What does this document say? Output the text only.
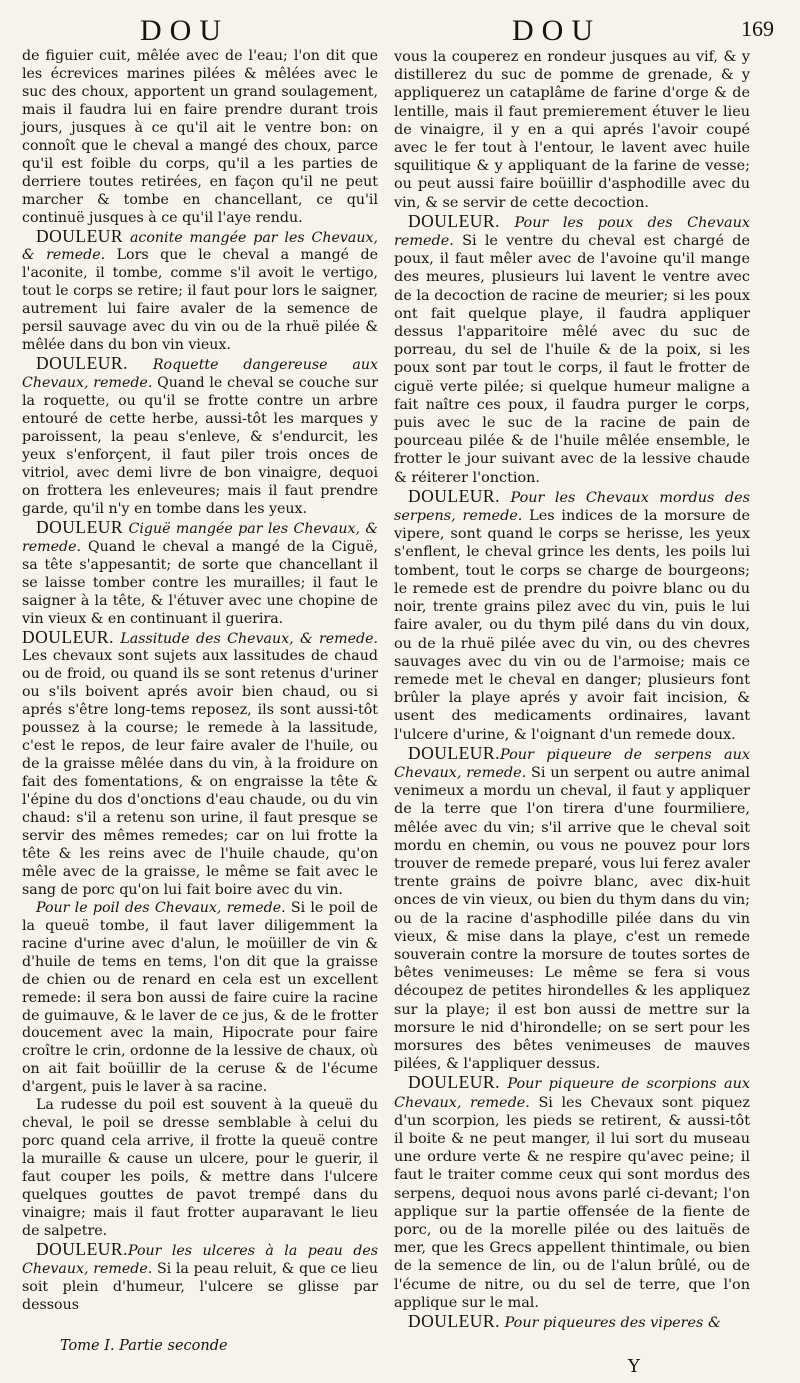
DOU	DOU	169

de figuier cuit, mêlée avec de l'eau; l'on dit que les écrevices marines pilées & mêlées avec le suc des choux, apportent un grand soulagement, mais il faudra lui en faire prendre durant trois jours, jusques à ce qu'il ait le ventre bon: on connoît que le cheval a mangé des choux, parce qu'il est foible du corps, qu'il a les parties de derriere toutes retirées, en façon qu'il ne peut marcher & tombe en chancellant, ce qu'il continuë jusques à ce qu'il l'aye rendu.

DOULEUR aconite mangée par les Chevaux, & remede. Lors que le cheval a mangé de l'aconite, il tombe, comme s'il avoit le vertigo, tout le corps se retire; il faut pour lors le saigner, autrement lui faire avaler de la semence de persil sauvage avec du vin ou de la rhuë pilée & mêlée dans du bon vin vieux.

DOULEUR. Roquette dangereuse aux Chevaux, remede. Quand le cheval se couche sur la roquette, ou qu'il se frotte contre un arbre entouré de cette herbe, aussi-tôt les marques y paroissent, la peau s'enleve, & s'endurcit, les yeux s'enforçent, il faut piler trois onces de vitriol, avec demi livre de bon vinaigre, dequoi on frottera les enleveures; mais il faut prendre garde, qu'il n'y en tombe dans les yeux.

DOULEUR Ciguë mangée par les Chevaux, & remede. Quand le cheval a mangé de la Ciguë, sa tête s'appesantit; de sorte que chancellant il se laisse tomber contre les murailles; il faut le saigner à la tête, & l'étuver avec une chopine de vin vieux & en continuant il guerira.

DOULEUR. Lassitude des Chevaux, & remede. Les chevaux sont sujets aux lassitudes de chaud ou de froid, ou quand ils se sont retenus d'uriner ou s'ils boivent aprés avoir bien chaud, ou si aprés s'être long-tems reposez, ils sont aussi-tôt poussez à la course; le remede à la lassitude, c'est le repos, de leur faire avaler de l'huile, ou de la graisse mêlée dans du vin, à la froidure on fait des fomentations, & on engraisse la tête & l'épine du dos d'onctions d'eau chaude, ou du vin chaud: s'il a retenu son urine, il faut presque se servir des mêmes remedes; car on lui frotte la tête & les reins avec de l'huile chaude, qu'on mêle avec de la graisse, le même se fait avec le sang de porc qu'on lui fait boire avec du vin.

Pour le poil des Chevaux, remede. Si le poil de la queuë tombe, il faut laver diligemment la racine d'urine avec d'alun, le moüiller de vin & d'huile de tems en tems, l'on dit que la graisse de chien ou de renard en cela est un excellent remede: il sera bon aussi de faire cuire la racine de guimauve, & le laver de ce jus, & de le frotter doucement avec la main, Hipocrate pour faire croître le crin, ordonne de la lessive de chaux, où on ait fait boüillir de la ceruse & de l'écume d'argent, puis le laver à sa racine.

La rudesse du poil est souvent à la queuë du cheval, le poil se dresse semblable à celui du porc quand cela arrive, il frotte la queuë contre la muraille & cause un ulcere, pour le guerir, il faut couper les poils, & mettre dans l'ulcere quelques gouttes de pavot trempé dans du vinaigre; mais il faut frotter auparavant le lieu de salpetre.

DOULEUR.Pour les ulceres à la peau des Chevaux, remede. Si la peau reluit, & que ce lieu soit plein d'humeur, l'ulcere se glisse par dessous

vous la couperez en rondeur jusques au vif, & y distillerez du suc de pomme de grenade, & y appliquerez un cataplâme de farine d'orge & de lentille, mais il faut premierement étuver le lieu de vinaigre, il y en a qui aprés l'avoir coupé avec le fer tout à l'entour, le lavent avec huile squilitique & y appliquant de la farine de vesse; ou peut aussi faire boüillir d'asphodille avec du vin, & se servir de cette decoction.

DOULEUR. Pour les poux des Chevaux remede. Si le ventre du cheval est chargé de poux, il faut mêler avec de l'avoine qu'il mange des meures, plusieurs lui lavent le ventre avec de la decoction de racine de meurier; si les poux ont fait quelque playe, il faudra appliquer dessus l'apparitoire mêlé avec du suc de porreau, du sel de l'huile & de la poix, si les poux sont par tout le corps, il faut le frotter de ciguë verte pilée; si quelque humeur maligne a fait naître ces poux, il faudra purger le corps, puis avec le suc de la racine de pain de pourceau pilée & de l'huile mêlée ensemble, le frotter le jour suivant avec de la lessive chaude & réiterer l'onction.

DOULEUR. Pour les Chevaux mordus des serpens, remede. Les indices de la morsure de vipere, sont quand le corps se herisse, les yeux s'enflent, le cheval grince les dents, les poils lui tombent, tout le corps se charge de bourgeons; le remede est de prendre du poivre blanc ou du noir, trente grains pilez avec du vin, puis le lui faire avaler, ou du thym pilé dans du vin doux, ou de la rhuë pilée avec du vin, ou des chevres sauvages avec du vin ou de l'armoise; mais ce remede met le cheval en danger; plusieurs font brûler la playe aprés y avoir fait incision, & usent des medicaments ordinaires, lavant l'ulcere d'urine, & l'oignant d'un remede doux.

DOULEUR.Pour piqueure de serpens aux Chevaux, remede. Si un serpent ou autre animal venimeux a mordu un cheval, il faut y appliquer de la terre que l'on tirera d'une fourmiliere, mêlée avec du vin; s'il arrive que le cheval soit mordu en chemin, ou vous ne pouvez pour lors trouver de remede preparé, vous lui ferez avaler trente grains de poivre blanc, avec dix-huit onces de vin vieux, ou bien du thym dans du vin; ou de la racine d'asphodille pilée dans du vin vieux, & mise dans la playe, c'est un remede souverain contre la morsure de toutes sortes de bêtes venimeuses: Le même se fera si vous découpez de petites hirondelles & les appliquez sur la playe; il est bon aussi de mettre sur la morsure le nid d'hirondelle; on se sert pour les morsures des bêtes venimeuses de mauves pilées, & l'appliquer dessus.

DOULEUR. Pour piqueure de scorpions aux Chevaux, remede. Si les Chevaux sont piquez d'un scorpion, les pieds se retirent, & aussi-tôt il boite & ne peut manger, il lui sort du museau une ordure verte & ne respire qu'avec peine; il faut le traiter comme ceux qui sont mordus des serpens, dequoi nous avons parlé ci-devant; l'on applique sur la partie offensée de la fiente de porc, ou de la morelle pilée ou des laituës de mer, que les Grecs appellent thintimale, ou bien de la semence de lin, ou de l'alun brûlé, ou de l'écume de nitre, ou du sel de terre, que l'on applique sur le mal.

DOULEUR. Pour piqueures des viperes &

Tome I. Partie seconde
Y
